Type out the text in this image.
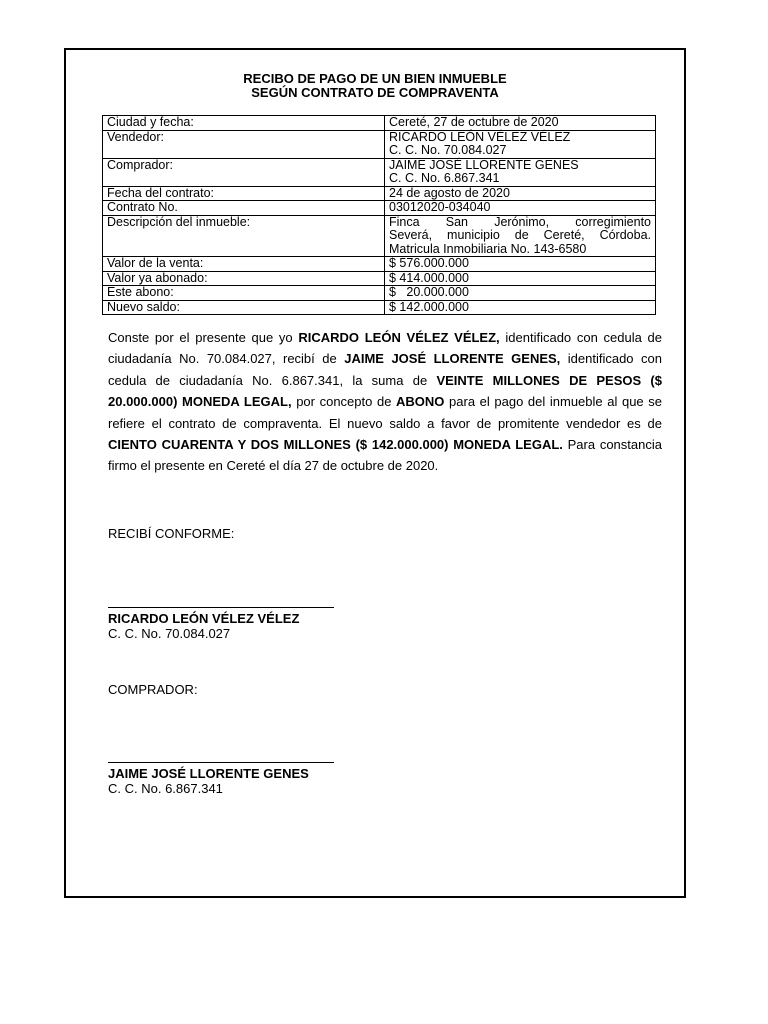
RECIBO DE PAGO DE UN BIEN INMUEBLE
SEGÚN CONTRATO DE COMPRAVENTA
Ciudad y fecha:	Cereté, 27 de octubre de 2020
Vendedor:	RICARDO LEÓN VÉLEZ VÉLEZ
C. C. No. 70.084.027

Comprador:	JAIME JOSÉ LLORENTE GENES
C. C. No. 6.867.341

Fecha del contrato:	24 de agosto de 2020
Contrato No.	03012020-034040
Descripción del inmueble:	Finca San Jerónimo, corregimiento
Severá, municipio de Cereté, Córdoba.
Matricula Inmobiliaria No. 143-6580

Valor de la venta:	$ 576.000.000
Valor ya abonado:	$ 414.000.000
Este abono:	$   20.000.000
Nuevo saldo:	$ 142.000.000
Conste por el presente que yo RICARDO LEÓN VÉLEZ VÉLEZ, identificado con cedula de ciudadanía No. 70.084.027, recibí de JAIME JOSÉ LLORENTE GENES, identificado con cedula de ciudadanía No. 6.867.341, la suma de VEINTE MILLONES DE PESOS ($ 20.000.000) MONEDA LEGAL, por concepto de ABONO para el pago del inmueble al que se refiere el contrato de compraventa. El nuevo saldo a favor de promitente vendedor es de CIENTO CUARENTA Y DOS MILLONES ($ 142.000.000) MONEDA LEGAL. Para constancia firmo el presente en Cereté el día 27 de octubre de 2020.
RECIBÍ CONFORME:
RICARDO LEÓN VÉLEZ VÉLEZ
C. C. No. 70.084.027
COMPRADOR:
JAIME JOSÉ LLORENTE GENES
C. C. No. 6.867.341
